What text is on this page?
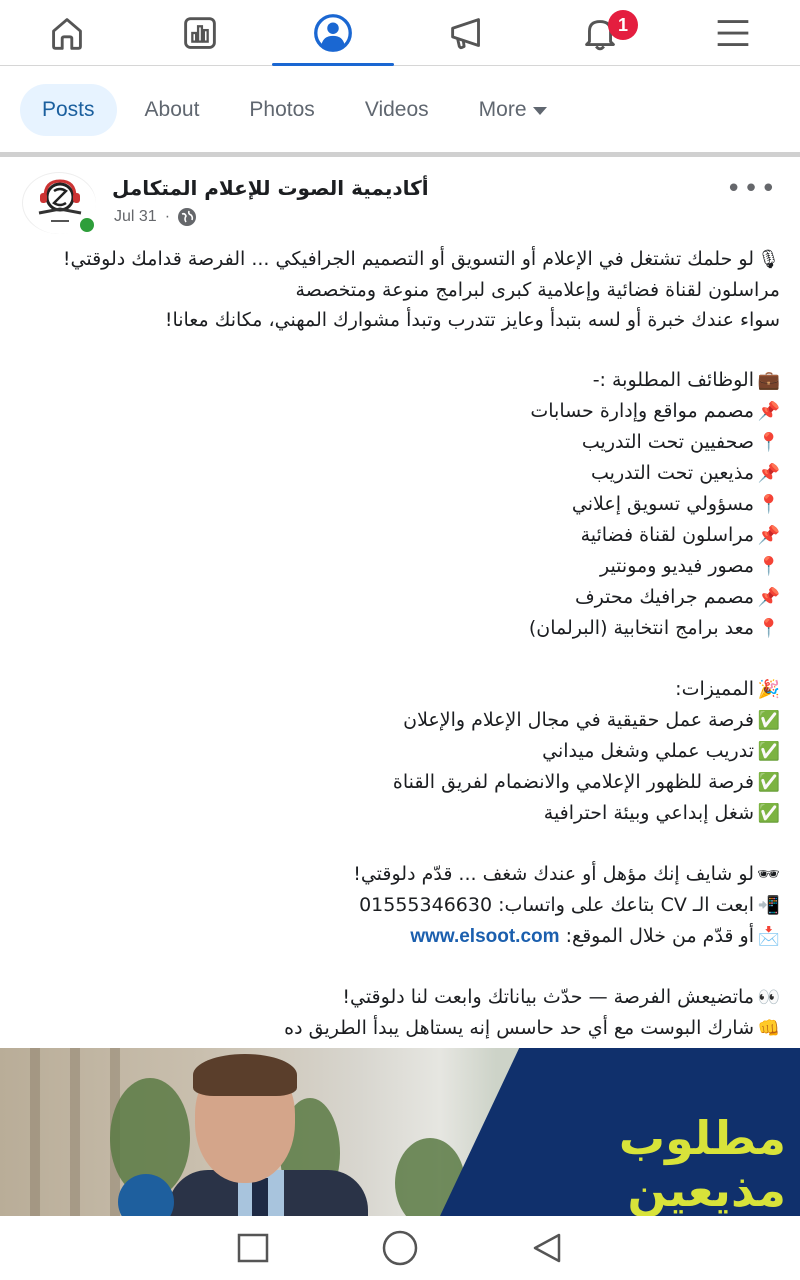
1
Posts	About	Photos	Videos	More
أكاديمية الصوت للإعلام المتكامل
Jul 31 ·
•••

🎙لو حلمك تشتغل في الإعلام أو التسويق أو التصميم الجرافيكي ... الفرصة قدامك دلوقتي!

مراسلون لقناة فضائية وإعلامية كبرى لبرامج منوعة ومتخصصة

سواء عندك خبرة أو لسه بتبدأ وعايز تتدرب وتبدأ مشوارك المهني، مكانك معانا!

💼الوظائف المطلوبة :-

📌مصمم مواقع وإدارة حسابات

📍صحفيين تحت التدريب

📌مذيعين تحت التدريب

📍مسؤولي تسويق إعلاني

📌مراسلون لقناة فضائية

📍مصور فيديو ومونتير

📌مصمم جرافيك محترف

📍معد برامج انتخابية (البرلمان)

🎉المميزات:

✅فرصة عمل حقيقية في مجال الإعلام والإعلان

✅تدريب عملي وشغل ميداني

✅فرصة للظهور الإعلامي والانضمام لفريق القناة

✅شغل إبداعي وبيئة احترافية

🕶لو شايف إنك مؤهل أو عندك شغف ... قدّم دلوقتي!

📲ابعت الـ CV بتاعك على واتساب: 01555346630

📩أو قدّم من خلال الموقع: www.elsoot.com

👀ماتضيعش الفرصة — حدّث بياناتك وابعت لنا دلوقتي!

👊شارك البوست مع أي حد حاسس إنه يستاهل يبدأ الطريق ده

مطلوب
مذيعين
